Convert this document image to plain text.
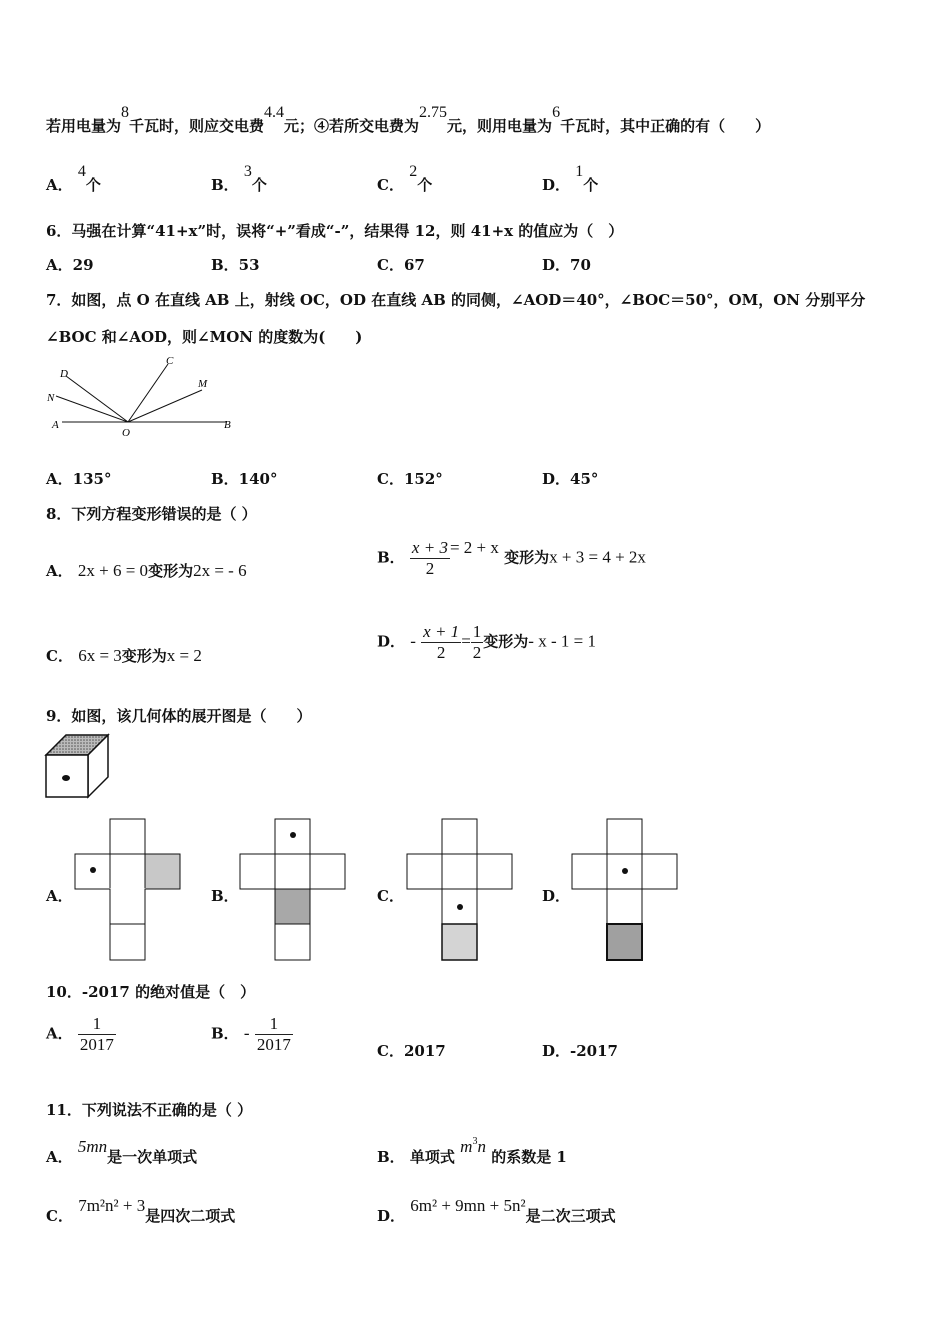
若用电量为8千瓦时，则应交电费4.4元；④若所交电费为2.75元，则用电量为6千瓦时，其中正确的有（　　）
A． 4个	B． 3个	C． 2个	D． 1个
6．马强在计算“41+x”时，误将“+”看成“-”，结果得 12，则 41+x 的值应为（　）
A．29	B．53	C．67	D．70
7．如图，点 O 在直线 AB 上，射线 OC，OD 在直线 AB 的同侧，∠AOD＝40°，∠BOC＝50°，OM，ON 分别平分
∠BOC 和∠AOD，则∠MON 的度数为(　　)
D
N
C
M
A
O
B
A．135°	B．140°	C．152°	D．45°
8．下列方程变形错误的是（ ）
A． 2x + 6 = 0变形为2x = - 6
B． $\frac{x + 3}{2} = 2 + x$ 变形为x + 3 = 4 + 2x
C． 6x = 3变形为x = 2
D． - $\frac{x + 1}{2} = \frac{1}{2}$ 变形为- x - 1 = 1
9．如图，该几何体的展开图是（　　）
A．	B．	C．	D．
10．-2017 的绝对值是（　）
A． $\frac{1}{2017}$	B． - $\frac{1}{2017}$	C．2017	D．-2017
11．下列说法不正确的是（ ）
A． 5mn是一次单项式	B． 单项式 $m^3n$ 的系数是 1
C． 7m²n² + 3是四次二项式	D． 6m² + 9mn + 5n²是二次三项式
